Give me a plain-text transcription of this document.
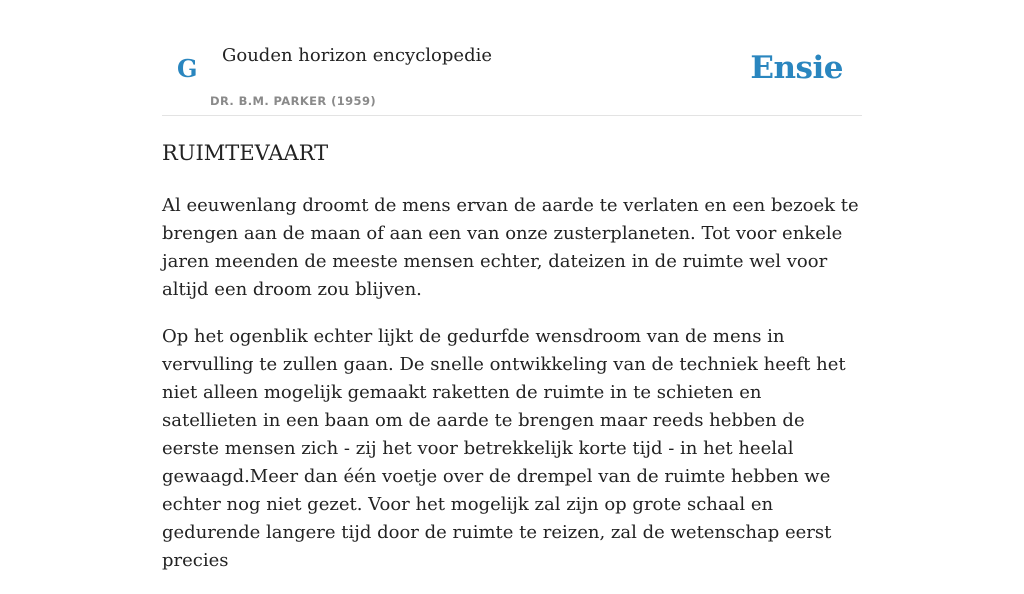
G Gouden horizon encyclopedie
DR. B.M. PARKER (1959)
Ensie
RUIMTEVAART

Al eeuwenlang droomt de mens ervan de aarde te verlaten en een bezoek te brengen aan de maan of aan een van onze zusterplaneten. Tot voor enkele jaren meenden de meeste mensen echter, dateizen in de ruimte wel voor altijd een droom zou blijven.

Op het ogenblik echter lijkt de gedurfde wensdroom van de mens in vervulling te zullen gaan. De snelle ontwikkeling van de techniek heeft het niet alleen mogelijk gemaakt raketten de ruimte in te schieten en satellieten in een baan om de aarde te brengen maar reeds hebben de eerste mensen zich - zij het voor betrekkelijk korte tijd - in het heelal gewaagd.Meer dan één voetje over de drempel van de ruimte hebben we echter nog niet gezet. Voor het mogelijk zal zijn op grote schaal en gedurende langere tijd door de ruimte te reizen, zal de wetenschap eerst precies
